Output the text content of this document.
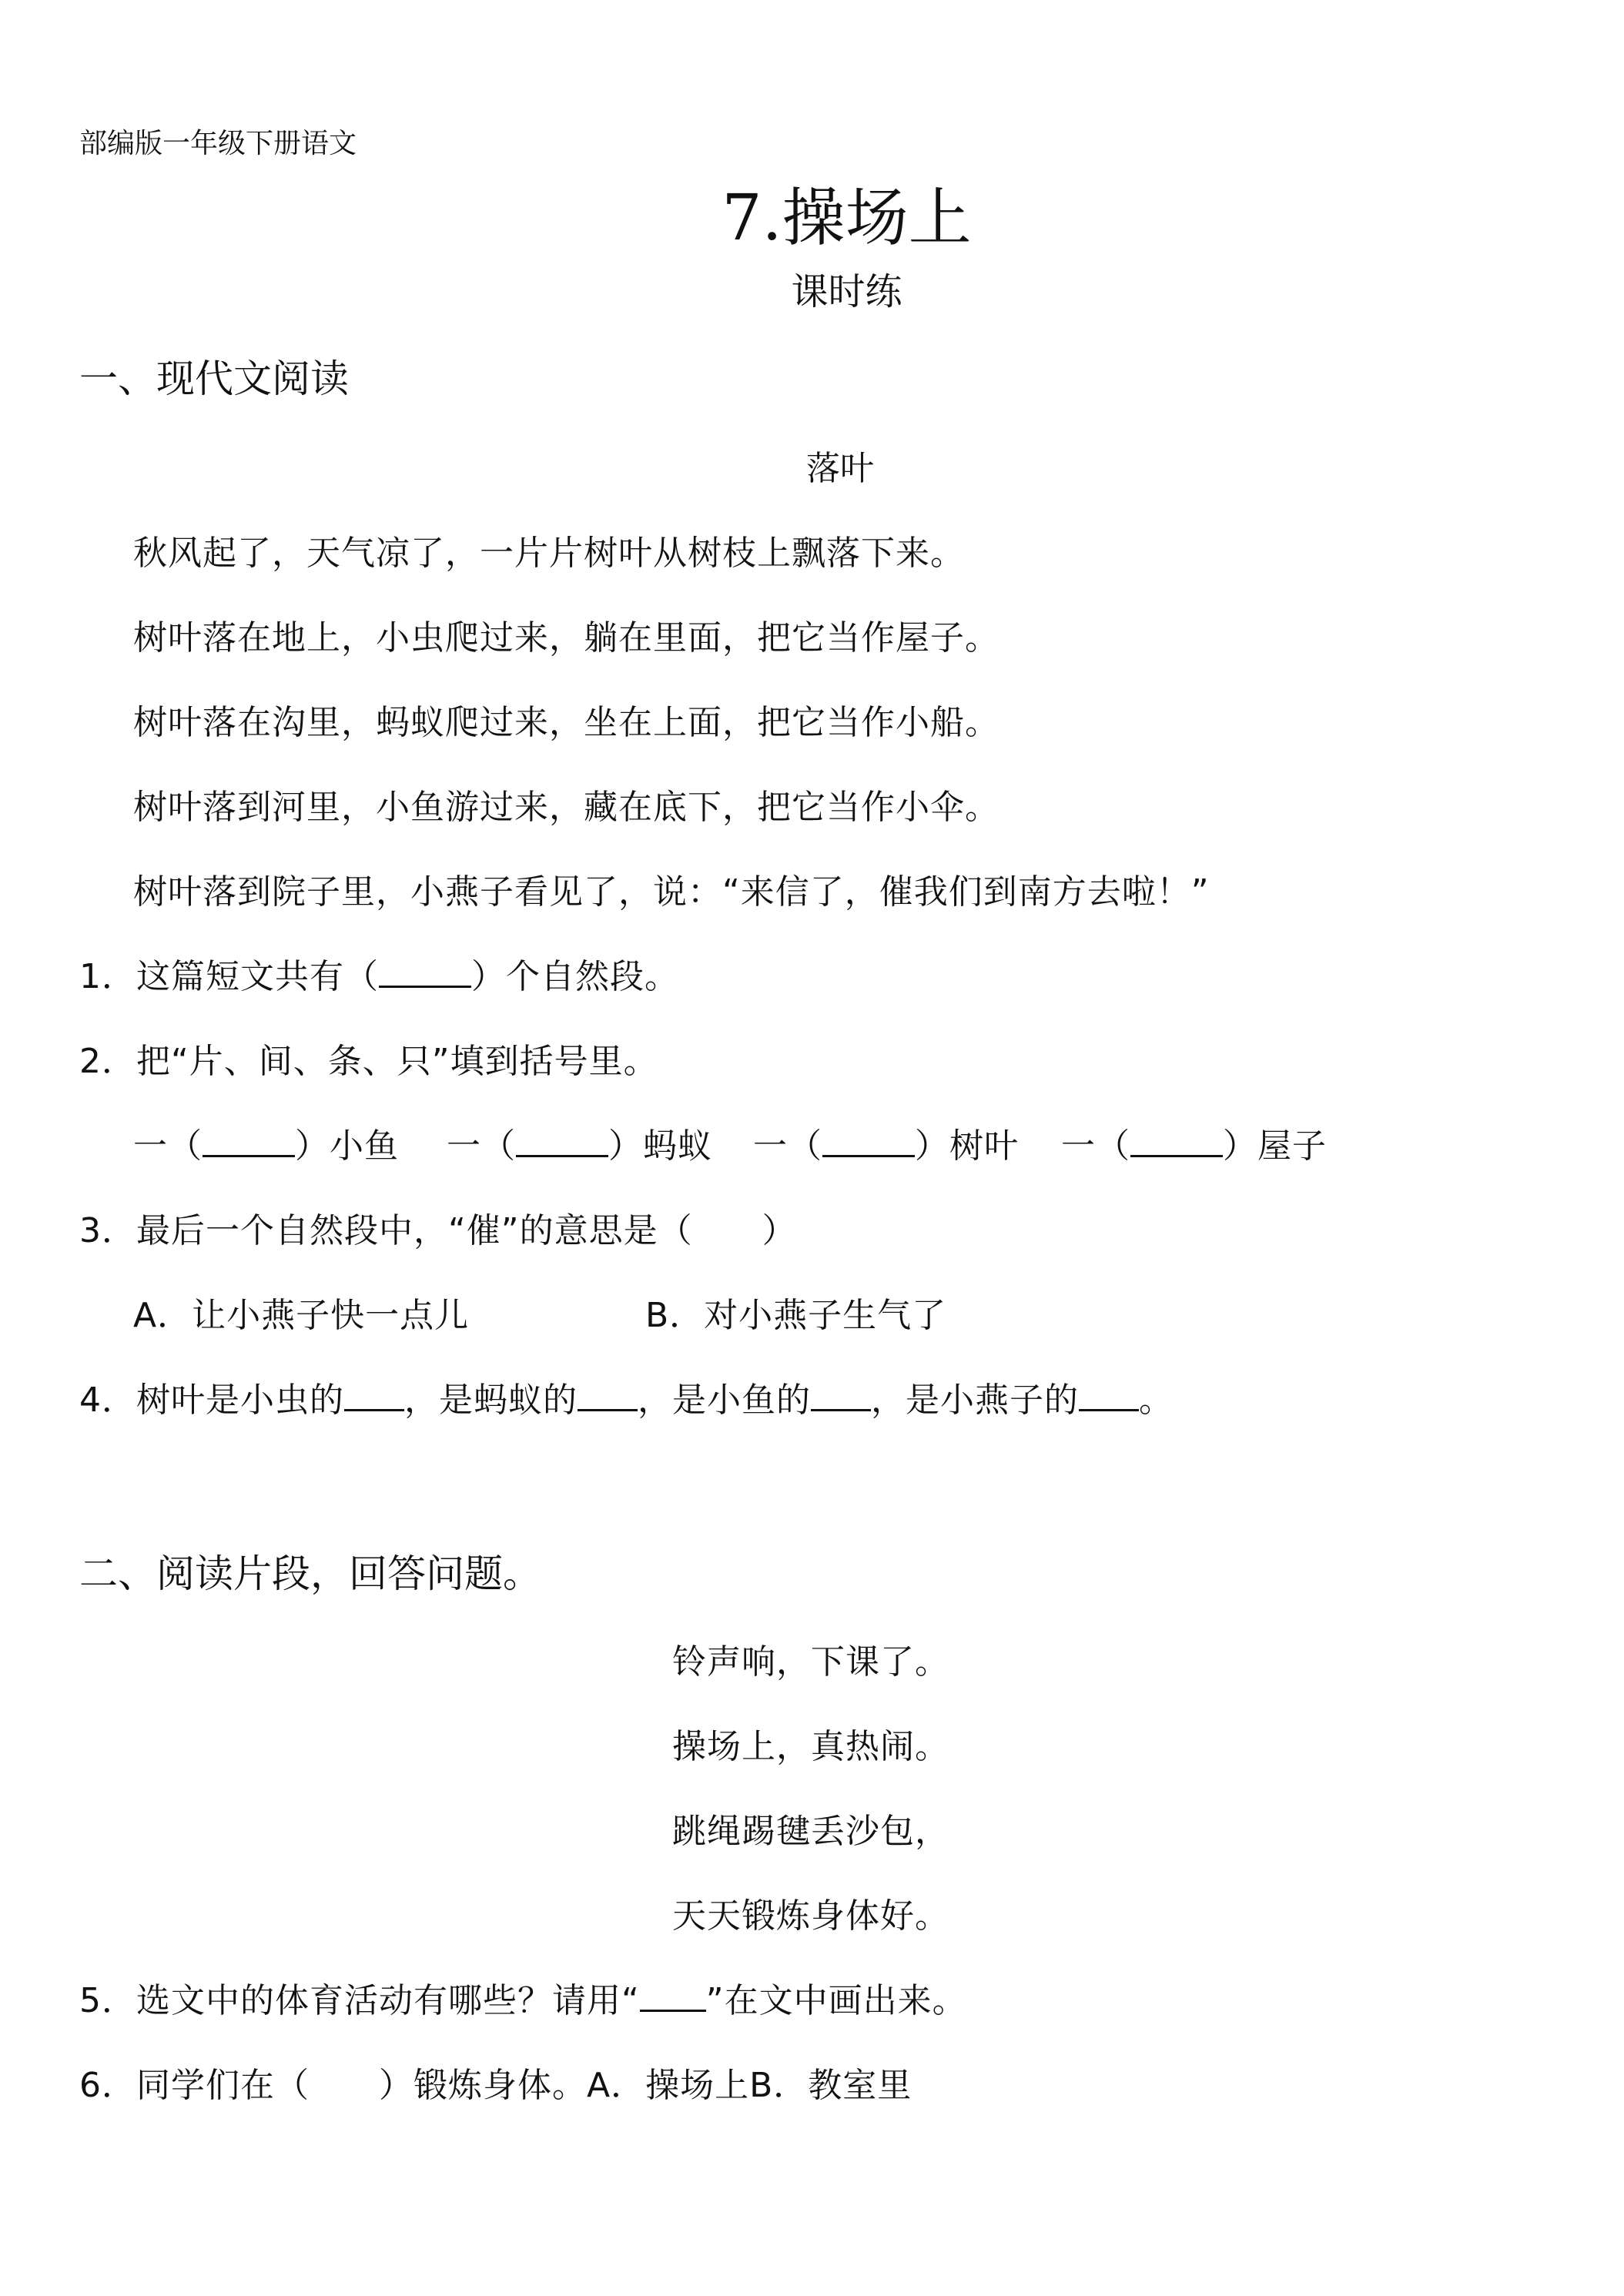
部编版一年级下册语文
7.操场上
课时练
一、现代文阅读
落叶
秋风起了，天气凉了，一片片树叶从树枝上飘落下来。
树叶落在地上，小虫爬过来，躺在里面，把它当作屋子。
树叶落在沟里，蚂蚁爬过来，坐在上面，把它当作小船。
树叶落到河里，小鱼游过来，藏在底下，把它当作小伞。
树叶落到院子里，小燕子看见了，说：“来信了，催我们到南方去啦！”
1．这篇短文共有（	）个自然段。
2．把“片、间、条、只”填到括号里。
一（	）小鱼 一（	）蚂蚁 一（	）树叶 一（	）屋子
3．最后一个自然段中，“催”的意思是（　　）
A．让小燕子快一点儿	B．对小燕子生气了
4．树叶是小虫的 ，是蚂蚁的 ，是小鱼的 ，是小燕子的 。
二、阅读片段，回答问题。
铃声响，下课了。
操场上，真热闹。
跳绳踢毽丢沙包，
天天锻炼身体好。
5．选文中的体育活动有哪些？请用“ ”在文中画出来。
6．同学们在（　　）锻炼身体。A．操场上B．教室里
